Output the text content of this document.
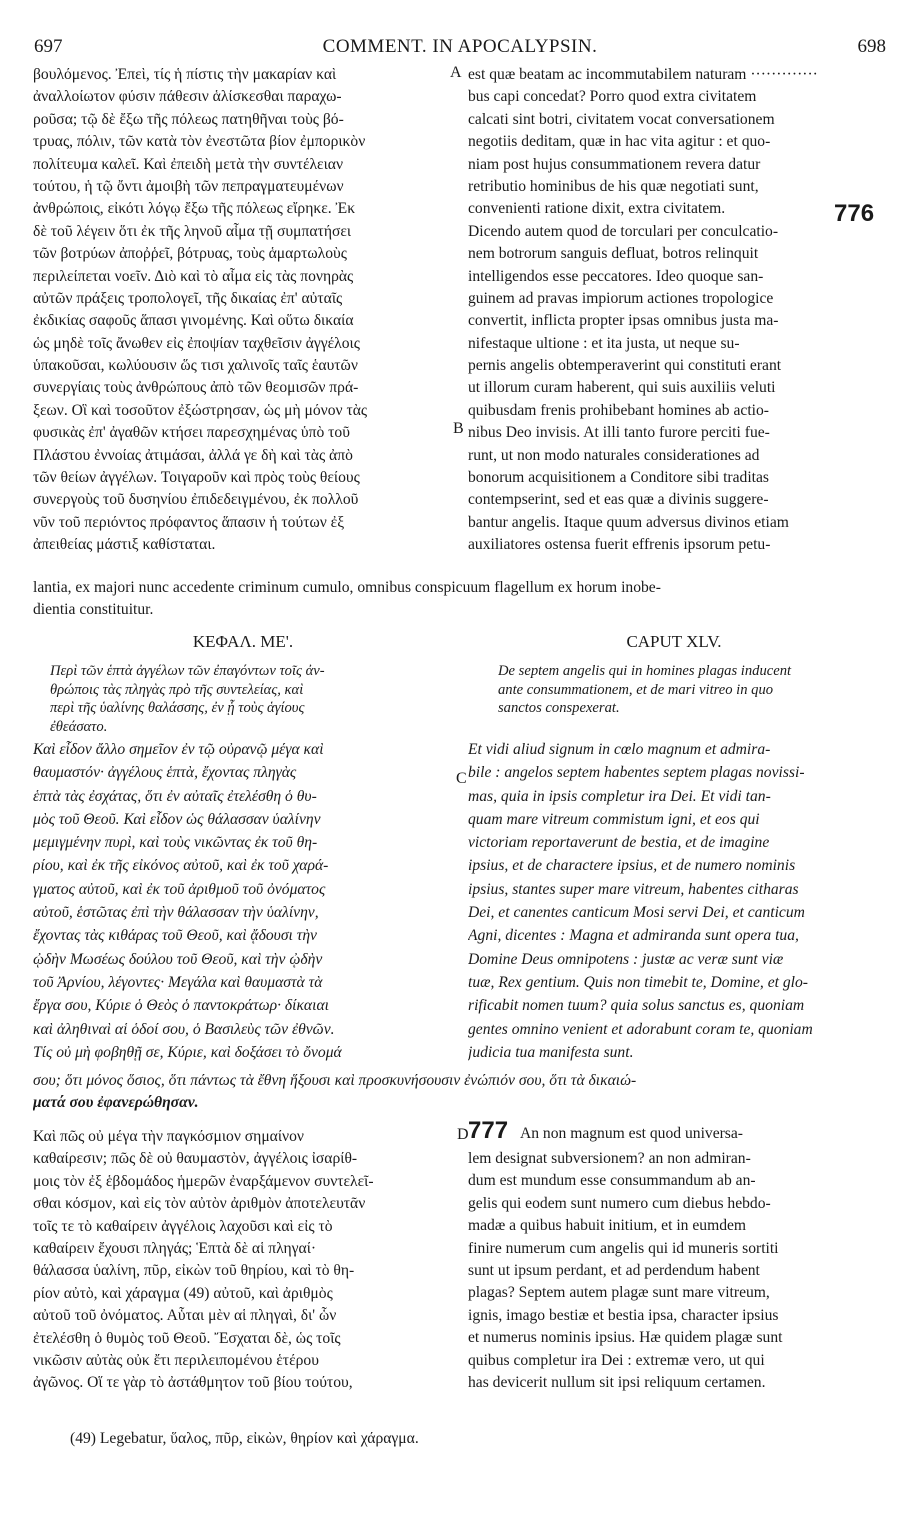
697	COMMENT. IN APOCALYPSIN.	698
A
B
C
D
βουλόμενος. Ἐπεὶ, τίς ἡ πίστις τὴν μακαρίαν καὶ
ἀναλλοίωτον φύσιν πάθεσιν ἁλίσκεσθαι παραχω-
ροῦσα; τῷ δὲ ἔξω τῆς πόλεως πατηθῆναι τοὺς βό-
τρυας, πόλιν, τῶν κατὰ τὸν ἐνεστῶτα βίον ἐμπορικὸν
πολίτευμα καλεῖ. Καὶ ἐπειδὴ μετὰ τὴν συντέλειαν
τούτου, ἡ τῷ ὄντι ἀμοιβὴ τῶν πεπραγματευμένων
ἀνθρώποις, εἰκότι λόγῳ ἔξω τῆς πόλεως εἴρηκε. Ἐκ
δὲ τοῦ λέγειν ὅτι ἐκ τῆς ληνοῦ αἷμα τῇ συμπατήσει
τῶν βοτρύων ἀποῤῥεῖ, βότρυας, τοὺς ἁμαρτωλοὺς
περιλείπεται νοεῖν. Διὸ καὶ τὸ αἷμα εἰς τὰς πονηρὰς
αὐτῶν πράξεις τροπολογεῖ, τῆς δικαίας ἐπ' αὐταῖς
ἐκδικίας σαφοῦς ἅπασι γινομένης. Καὶ οὕτω δικαία
ὡς μηδὲ τοῖς ἄνωθεν εἰς ἐποψίαν ταχθεῖσιν ἀγγέλοις
ὑπακοῦσαι, κωλύουσιν ὥς τισι χαλινοῖς ταῖς ἑαυτῶν
συνεργίαις τοὺς ἀνθρώπους ἀπὸ τῶν θεομισῶν πρά-
ξεων. Οἳ καὶ τοσοῦτον ἐξώστρησαν, ὡς μὴ μόνον τὰς
φυσικὰς ἐπ' ἀγαθῶν κτήσει παρεσχημένας ὑπὸ τοῦ
Πλάστου ἐννοίας ἀτιμάσαι, ἀλλά γε δὴ καὶ τὰς ἀπὸ
τῶν θείων ἀγγέλων. Τοιγαροῦν καὶ πρὸς τοὺς θείους
συνεργοὺς τοῦ δυσηνίου ἐπιδεδειγμένου, ἐκ πολλοῦ
νῦν τοῦ περιόντος πρόφαντος ἅπασιν ἡ τούτων ἐξ
ἀπειθείας μάστιξ καθίσταται.
est quæ beatam ac incommutabilem naturam ·············
bus capi concedat? Porro quod extra civitatem
calcati sint botri, civitatem vocat conversationem
negotiis deditam, quæ in hac vita agitur : et quo-
niam post hujus consummationem revera datur
retributio hominibus de his quæ negotiati sunt,
convenienti ratione dixit, extra civitatem.
Dicendo autem quod de torculari per conculcatio-
nem botrorum sanguis defluat, botros relinquit
intelligendos esse peccatores. Ideo quoque san-
guinem ad pravas impiorum actiones tropologice
convertit, inflicta propter ipsas omnibus justa ma-
nifestaque ultione : et ita justa, ut neque su-
pernis angelis obtemperaverint qui constituti erant
ut illorum curam haberent, qui suis auxiliis veluti
quibusdam frenis prohibebant homines ab actio-
nibus Deo invisis. At illi tanto furore perciti fue-
runt, ut non modo naturales considerationes ad
bonorum acquisitionem a Conditore sibi traditas
contempserint, sed et eas quæ a divinis suggere-
bantur angelis. Itaque quum adversus divinos etiam
auxiliatores ostensa fuerit effrenis ipsorum petu-
776
lantia, ex majori nunc accedente criminum cumulo, omnibus conspicuum flagellum ex horum inobe-
dientia constituitur.
ΚΕΦΑΛ. ΜΕ'.	CAPUT XLV.
Περὶ τῶν ἑπτὰ ἀγγέλων τῶν ἐπαγόντων τοῖς ἀν-
θρώποις τὰς πληγὰς πρὸ τῆς συντελείας, καὶ
περὶ τῆς ὑαλίνης θαλάσσης, ἐν ᾗ τοὺς ἁγίους
ἐθεάσατο.
De septem angelis qui in homines plagas inducent
ante consummationem, et de mari vitreo in quo
sanctos conspexerat.
Καὶ εἶδον ἄλλο σημεῖον ἐν τῷ οὐρανῷ μέγα καὶ
θαυμαστόν· ἀγγέλους ἑπτὰ, ἔχοντας πληγὰς
ἑπτὰ τὰς ἐσχάτας, ὅτι ἐν αὐταῖς ἐτελέσθη ὁ θυ-
μὸς τοῦ Θεοῦ. Καὶ εἶδον ὡς θάλασσαν ὑαλίνην
μεμιγμένην πυρὶ, καὶ τοὺς νικῶντας ἐκ τοῦ θη-
ρίου, καὶ ἐκ τῆς εἰκόνος αὐτοῦ, καὶ ἐκ τοῦ χαρά-
γματος αὐτοῦ, καὶ ἐκ τοῦ ἀριθμοῦ τοῦ ὀνόματος
αὐτοῦ, ἑστῶτας ἐπὶ τὴν θάλασσαν τὴν ὑαλίνην,
ἔχοντας τὰς κιθάρας τοῦ Θεοῦ, καὶ ᾄδουσι τὴν
ᾠδὴν Μωσέως δούλου τοῦ Θεοῦ, καὶ τὴν ᾠδὴν
τοῦ Ἀρνίου, λέγοντες· Μεγάλα καὶ θαυμαστὰ τὰ
ἔργα σου, Κύριε ὁ Θεὸς ὁ παντοκράτωρ· δίκαιαι
καὶ ἀληθιναὶ αἱ ὁδοί σου, ὁ Βασιλεὺς τῶν ἐθνῶν.
Τίς οὐ μὴ φοβηθῇ σε, Κύριε, καὶ δοξάσει τὸ ὄνομά
Et vidi aliud signum in cœlo magnum et admira-
bile : angelos septem habentes septem plagas novissi-
mas, quia in ipsis completur ira Dei. Et vidi tan-
quam mare vitreum commistum igni, et eos qui
victoriam reportaverunt de bestia, et de imagine
ipsius, et de charactere ipsius, et de numero nominis
ipsius, stantes super mare vitreum, habentes citharas
Dei, et canentes canticum Mosi servi Dei, et canticum
Agni, dicentes : Magna et admiranda sunt opera tua,
Domine Deus omnipotens : justæ ac veræ sunt viæ
tuæ, Rex gentium. Quis non timebit te, Domine, et glo-
rificabit nomen tuum? quia solus sanctus es, quoniam
gentes omnino venient et adorabunt coram te, quoniam
judicia tua manifesta sunt.
σου; ὅτι μόνος ὅσιος, ὅτι πάντως τὰ ἔθνη ἥξουσι καὶ προσκυνήσουσιν ἐνώπιόν σου, ὅτι τὰ δικαιώ-
ματά σου ἐφανερώθησαν.
Καὶ πῶς οὐ μέγα τὴν παγκόσμιον σημαίνον
καθαίρεσιν; πῶς δὲ οὐ θαυμαστὸν, ἀγγέλοις ἰσαρίθ-
μοις τὸν ἐξ ἑβδομάδος ἡμερῶν ἐναρξάμενον συντελεῖ-
σθαι κόσμον, καὶ εἰς τὸν αὐτὸν ἀριθμὸν ἀποτελευτᾶν
τοῖς τε τὸ καθαίρειν ἀγγέλοις λαχοῦσι καὶ εἰς τὸ
καθαίρειν ἔχουσι πληγάς; Ἑπτὰ δὲ αἱ πληγαί·
θάλασσα ὑαλίνη, πῦρ, εἰκὼν τοῦ θηρίου, καὶ τὸ θη-
ρίον αὐτὸ, καὶ χάραγμα (49) αὐτοῦ, καὶ ἀριθμὸς
αὐτοῦ τοῦ ὀνόματος. Αὗται μὲν αἱ πληγαὶ, δι' ὧν
ἐτελέσθη ὁ θυμὸς τοῦ Θεοῦ. Ἔσχαται δὲ, ὡς τοῖς
νικῶσιν αὐτὰς οὐκ ἔτι περιλειπομένου ἑτέρου
ἀγῶνος. Οἵ τε γὰρ τὸ ἀστάθμητον τοῦ βίου τούτου,
777 An non magnum est quod universa-
lem designat subversionem? an non admiran-
dum est mundum esse consummandum ab an-
gelis qui eodem sunt numero cum diebus hebdo-
madæ a quibus habuit initium, et in eumdem
finire numerum cum angelis qui id muneris sortiti
sunt ut ipsum perdant, et ad perdendum habent
plagas? Septem autem plagæ sunt mare vitreum,
ignis, imago bestiæ et bestia ipsa, character ipsius
et numerus nominis ipsius. Hæ quidem plagæ sunt
quibus completur ira Dei : extremæ vero, ut qui
has devicerit nullum sit ipsi reliquum certamen.
(49) Legebatur, ὕαλος, πῦρ, εἰκὼν, θηρίον καὶ χάραγμα.
